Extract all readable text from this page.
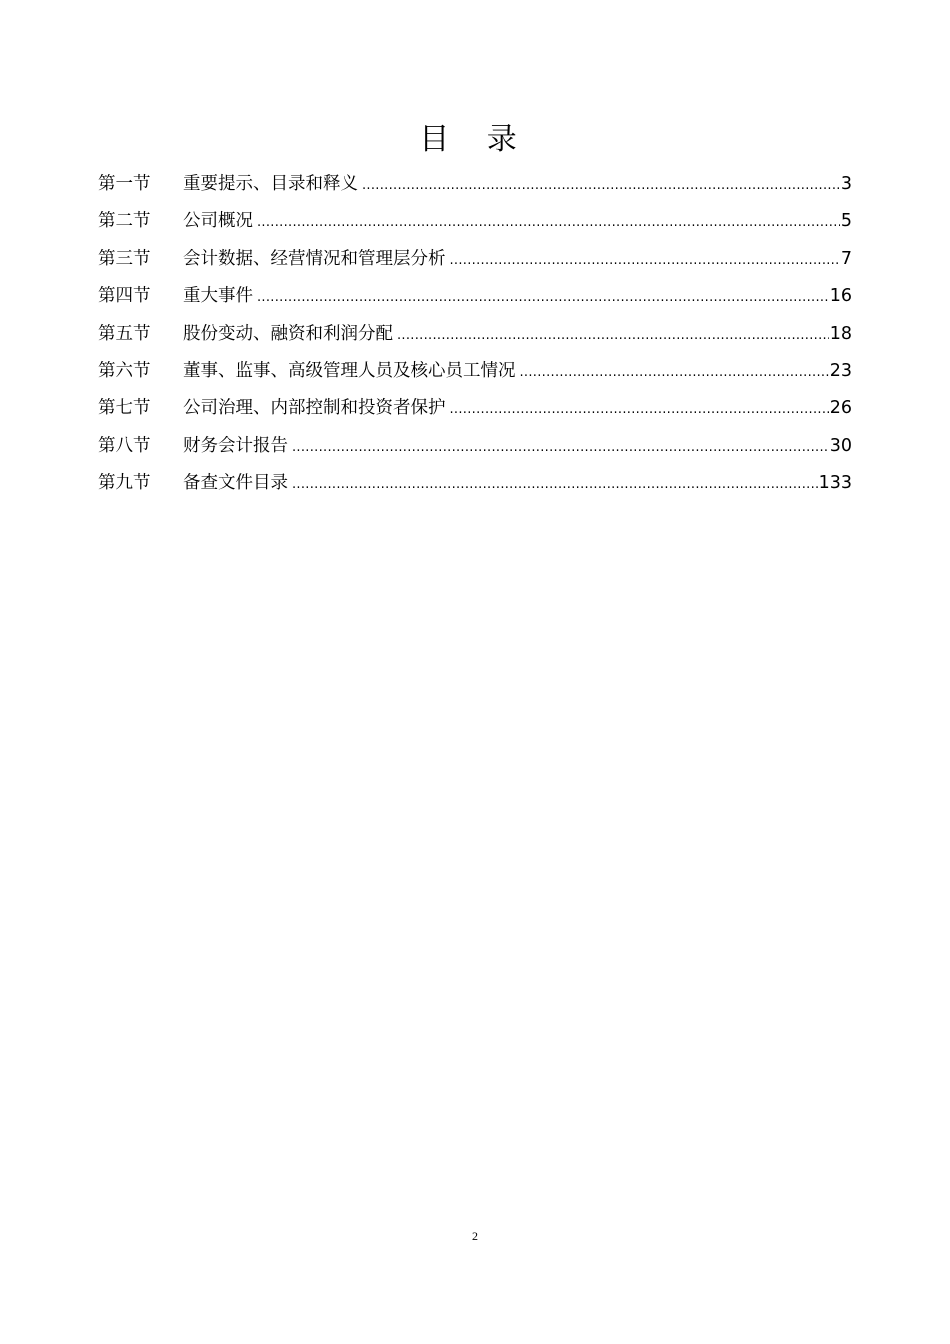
目 录
第一节	重要提示、目录和释义 .....	3
第二节	公司概况 .....	5
第三节	会计数据、经营情况和管理层分析 .....	7
第四节	重大事件 .....	16
第五节	股份变动、融资和利润分配 .....	18
第六节	董事、监事、高级管理人员及核心员工情况 .....	23
第七节	公司治理、内部控制和投资者保护 .....	26
第八节	财务会计报告 .....	30
第九节	备查文件目录 .....	133
2
